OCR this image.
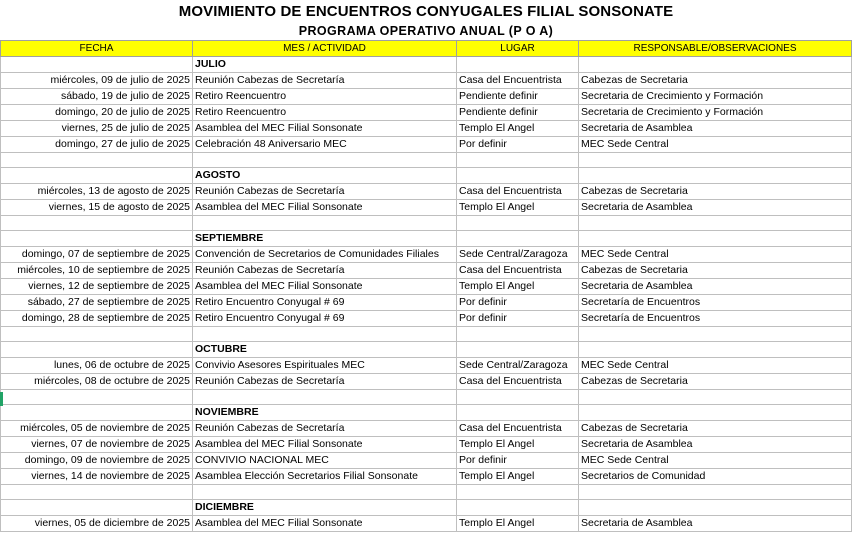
MOVIMIENTO DE ENCUENTROS CONYUGALES FILIAL SONSONATE
PROGRAMA OPERATIVO ANUAL (P O A)
FECHA	MES / ACTIVIDAD	LUGAR	RESPONSABLE/OBSERVACIONES
	JULIO		
miércoles, 09 de julio de 2025	Reunión Cabezas de Secretaría	Casa del Encuentrista	Cabezas de Secretaria
sábado, 19 de julio de 2025	Retiro Reencuentro	Pendiente definir	Secretaria de Crecimiento y Formación
domingo, 20 de julio de 2025	Retiro Reencuentro	Pendiente definir	Secretaria de Crecimiento y Formación
viernes, 25 de julio de 2025	Asamblea del MEC Filial Sonsonate	Templo El Angel	Secretaria de Asamblea
domingo, 27 de julio de 2025	Celebración 48 Aniversario MEC	Por definir	MEC Sede Central

	AGOSTO		
miércoles, 13 de agosto de 2025	Reunión Cabezas de Secretaría	Casa del Encuentrista	Cabezas de Secretaria
viernes, 15 de agosto de 2025	Asamblea del MEC Filial Sonsonate	Templo El Angel	Secretaria de Asamblea

	SEPTIEMBRE		
domingo, 07 de septiembre de 2025	Convención de Secretarios de Comunidades Filiales	Sede Central/Zaragoza	MEC Sede Central
miércoles, 10 de septiembre de 2025	Reunión Cabezas de Secretaría	Casa del Encuentrista	Cabezas de Secretaria
viernes, 12 de septiembre de 2025	Asamblea del MEC Filial Sonsonate	Templo El Angel	Secretaria de Asamblea
sábado, 27 de septiembre de 2025	Retiro Encuentro Conyugal # 69	Por definir	Secretaría de Encuentros
domingo, 28 de septiembre de 2025	Retiro Encuentro Conyugal # 69	Por definir	Secretaría de Encuentros

	OCTUBRE		
lunes, 06 de octubre de 2025	Convivio Asesores Espirituales MEC	Sede Central/Zaragoza	MEC Sede Central
miércoles, 08 de octubre de 2025	Reunión Cabezas de Secretaría	Casa del Encuentrista	Cabezas de Secretaria

	NOVIEMBRE		
miércoles, 05 de noviembre de 2025	Reunión Cabezas de Secretaría	Casa del Encuentrista	Cabezas de Secretaria
viernes, 07 de noviembre de 2025	Asamblea del MEC Filial Sonsonate	Templo El Angel	Secretaria de Asamblea
domingo, 09 de noviembre de 2025	CONVIVIO NACIONAL MEC	Por definir	MEC Sede Central
viernes, 14 de noviembre de 2025	Asamblea Elección Secretarios Filial Sonsonate	Templo El Angel	Secretarios de Comunidad

	DICIEMBRE		
viernes, 05 de diciembre de 2025	Asamblea del MEC Filial Sonsonate	Templo El Angel	Secretaria de Asamblea
